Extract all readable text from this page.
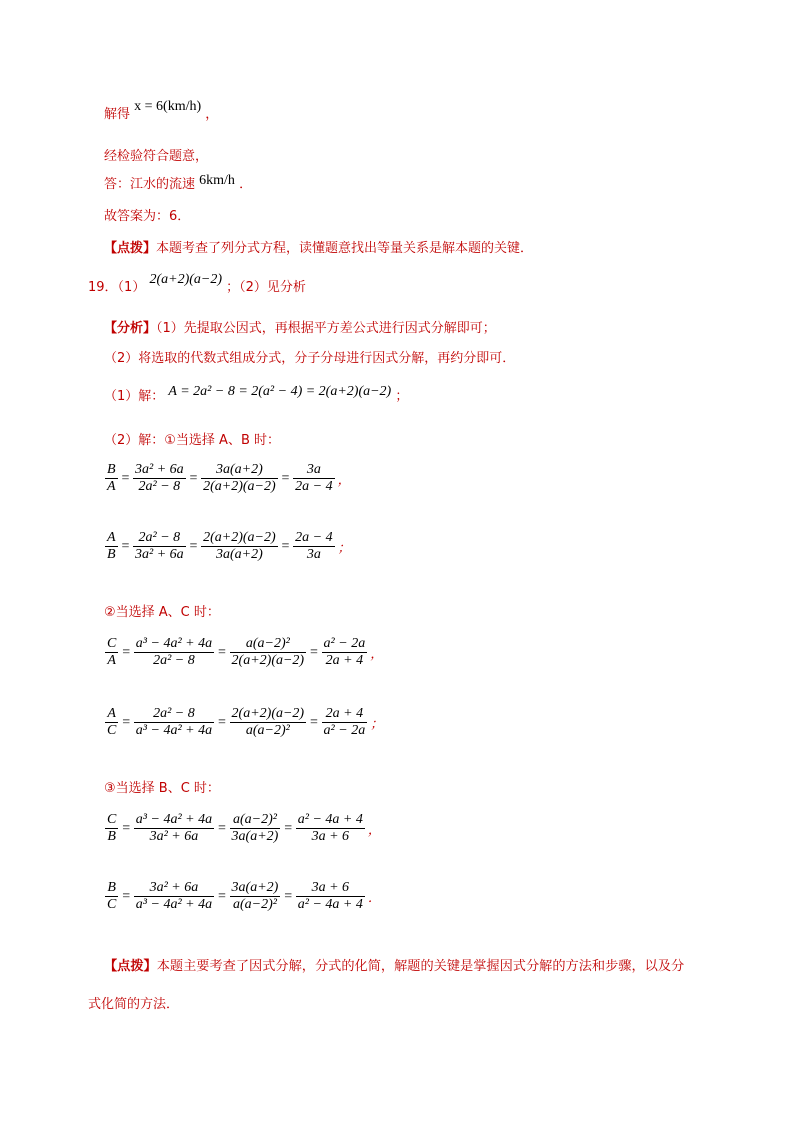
解得 x = 6(km/h) ，
经检验符合题意，
答：江水的流速 6km/h ．
故答案为：6．
【点拨】本题考查了列分式方程，读懂题意找出等量关系是解本题的关键．
19．（1） 2(a+2)(a−2) ；（2）见分析
【分析】（1）先提取公因式，再根据平方差公式进行因式分解即可；
（2）将选取的代数式组成分式，分子分母进行因式分解，再约分即可．
（1）解： A = 2a² − 8 = 2(a² − 4) = 2(a+2)(a−2) ；
（2）解：①当选择 A、B 时：
$\frac{B}{A} = \frac{\text{3a² + 6a}}{\text{2a² − 8}} = \frac{3a(a+2)}{2(a+2)(a-2)} = \frac{3a}{2a - 4}$ ，
$\frac{A}{B} = \frac{\text{2a² − 8}}{\text{3a² + 6a}} = \frac{2(a+2)(a-2)}{3a(a+2)} = \frac{2a - 4}{3a}$ ；
②当选择 A、C 时：
$\frac{C}{A} = \frac{\text{a³ − 4a² + 4a}}{\text{2a² − 8}} = \frac{\text{a(a−2)²}}{2(a+2)(a-2)} = \frac{\text{a² − 2a}}{2a + 4}$ ，
$\frac{A}{C} = \frac{\text{2a² − 8}}{\text{a³ − 4a² + 4a}} = \frac{2(a+2)(a-2)}{\text{a(a−2)²}} = \frac{2a + 4}{\text{a² − 2a}}$ ；
③当选择 B、C 时：
$\frac{C}{B} = \frac{\text{a³ − 4a² + 4a}}{\text{3a² + 6a}} = \frac{\text{a(a−2)²}}{3a(a+2)} = \frac{\text{a² − 4a + 4}}{3a + 6}$ ，
$\frac{B}{C} = \frac{\text{3a² + 6a}}{\text{a³ − 4a² + 4a}} = \frac{3a(a+2)}{\text{a(a−2)²}} = \frac{3a + 6}{\text{a² − 4a + 4}}$ ．
【点拨】本题主要考查了因式分解，分式的化简，解题的关键是掌握因式分解的方法和步骤，以及分
式化简的方法．
